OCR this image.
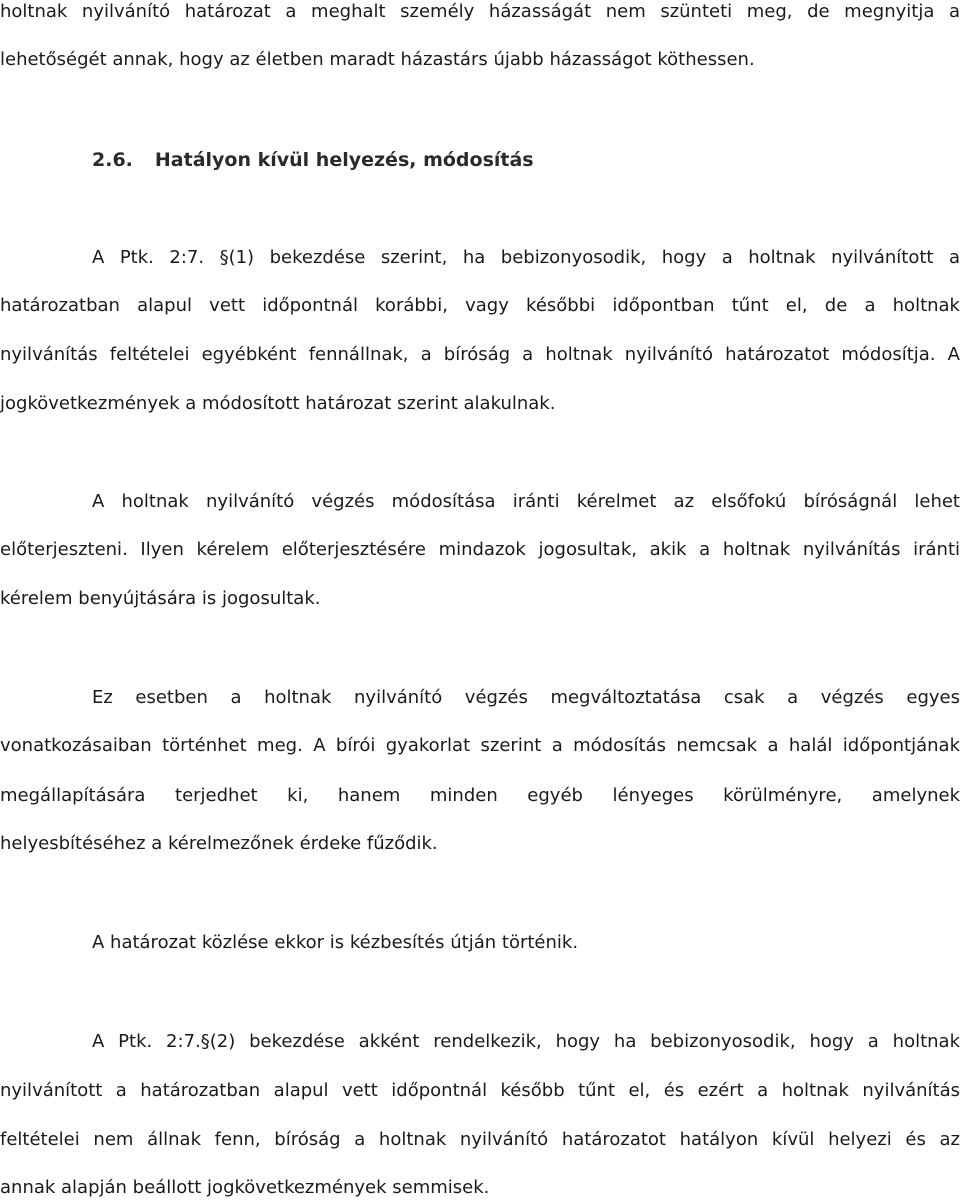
holtnak nyilvánító határozat a meghalt személy házasságát nem szünteti meg, de megnyitja a
lehetőségét annak, hogy az életben maradt házastárs újabb házasságot köthessen.
2.6. Hatályon kívül helyezés, módosítás
A Ptk. 2:7. §(1) bekezdése szerint, ha bebizonyosodik, hogy a holtnak nyilvánított a
határozatban alapul vett időpontnál korábbi, vagy későbbi időpontban tűnt el, de a holtnak
nyilvánítás feltételei egyébként fennállnak, a bíróság a holtnak nyilvánító határozatot módosítja. A
jogkövetkezmények a módosított határozat szerint alakulnak.
A holtnak nyilvánító végzés módosítása iránti kérelmet az elsőfokú bíróságnál lehet
előterjeszteni. Ilyen kérelem előterjesztésére mindazok jogosultak, akik a holtnak nyilvánítás iránti
kérelem benyújtására is jogosultak.
Ez esetben a holtnak nyilvánító végzés megváltoztatása csak a végzés egyes
vonatkozásaiban történhet meg. A bírói gyakorlat szerint a módosítás nemcsak a halál időpontjának
megállapítására terjedhet ki, hanem minden egyéb lényeges körülményre, amelynek
helyesbítéséhez a kérelmezőnek érdeke fűződik.
A határozat közlése ekkor is kézbesítés útján történik.
A Ptk. 2:7.§(2) bekezdése akként rendelkezik, hogy ha bebizonyosodik, hogy a holtnak
nyilvánított a határozatban alapul vett időpontnál később tűnt el, és ezért a holtnak nyilvánítás
feltételei nem állnak fenn, bíróság a holtnak nyilvánító határozatot hatályon kívül helyezi és az
annak alapján beállott jogkövetkezmények semmisek.
